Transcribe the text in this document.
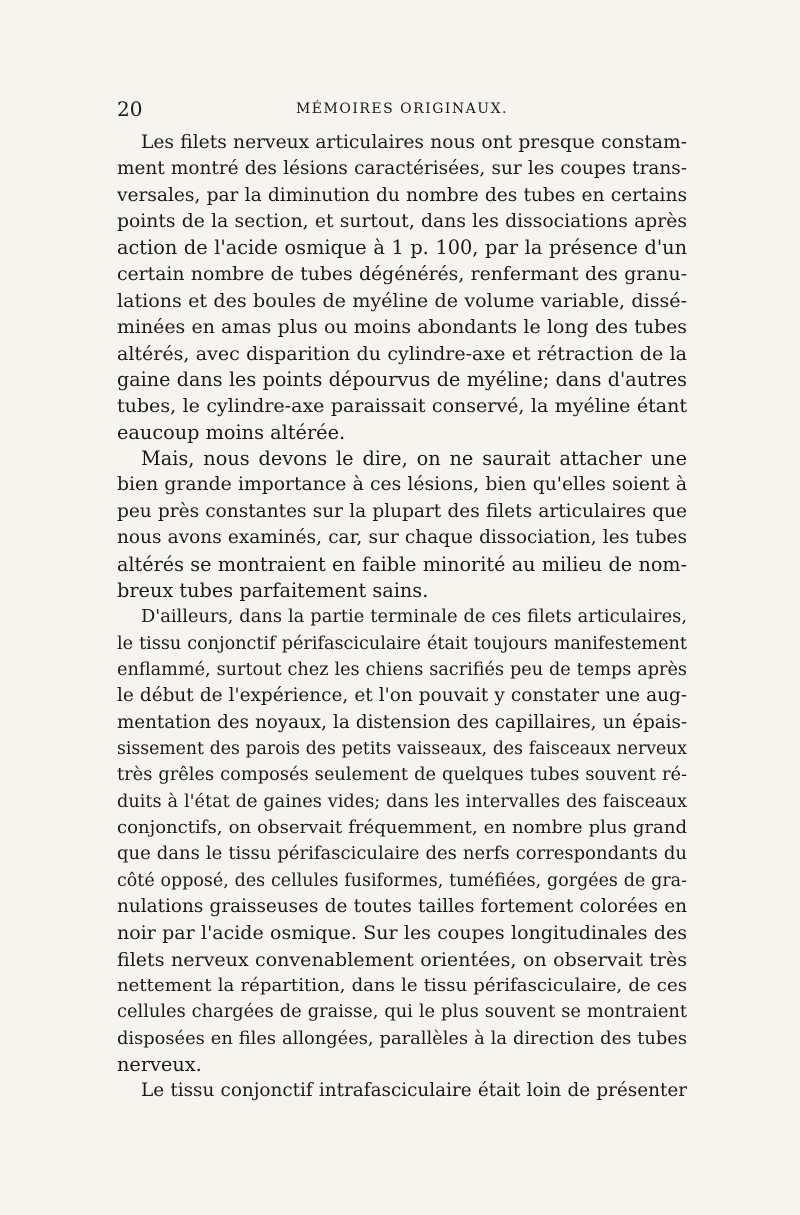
20	MÉMOIRES ORIGINAUX.
Les filets nerveux articulaires nous ont presque constam-
ment montré des lésions caractérisées, sur les coupes trans-
versales, par la diminution du nombre des tubes en certains
points de la section, et surtout, dans les dissociations après
action de l'acide osmique à 1 p. 100, par la présence d'un
certain nombre de tubes dégénérés, renfermant des granu-
lations et des boules de myéline de volume variable, dissé-
minées en amas plus ou moins abondants le long des tubes
altérés, avec disparition du cylindre-axe et rétraction de la
gaine dans les points dépourvus de myéline; dans d'autres
tubes, le cylindre-axe paraissait conservé, la myéline étant
eaucoup moins altérée.
Mais, nous devons le dire, on ne saurait attacher une
bien grande importance à ces lésions, bien qu'elles soient à
peu près constantes sur la plupart des filets articulaires que
nous avons examinés, car, sur chaque dissociation, les tubes
altérés se montraient en faible minorité au milieu de nom-
breux tubes parfaitement sains.
D'ailleurs, dans la partie terminale de ces filets articulaires,
le tissu conjonctif périfasciculaire était toujours manifestement
enflammé, surtout chez les chiens sacrifiés peu de temps après
le début de l'expérience, et l'on pouvait y constater une aug-
mentation des noyaux, la distension des capillaires, un épais-
sissement des parois des petits vaisseaux, des faisceaux nerveux
très grêles composés seulement de quelques tubes souvent ré-
duits à l'état de gaines vides; dans les intervalles des faisceaux
conjonctifs, on observait fréquemment, en nombre plus grand
que dans le tissu périfasciculaire des nerfs correspondants du
côté opposé, des cellules fusiformes, tuméfiées, gorgées de gra-
nulations graisseuses de toutes tailles fortement colorées en
noir par l'acide osmique. Sur les coupes longitudinales des
filets nerveux convenablement orientées, on observait très
nettement la répartition, dans le tissu périfasciculaire, de ces
cellules chargées de graisse, qui le plus souvent se montraient
disposées en files allongées, parallèles à la direction des tubes
nerveux.
Le tissu conjonctif intrafasciculaire était loin de présenter
